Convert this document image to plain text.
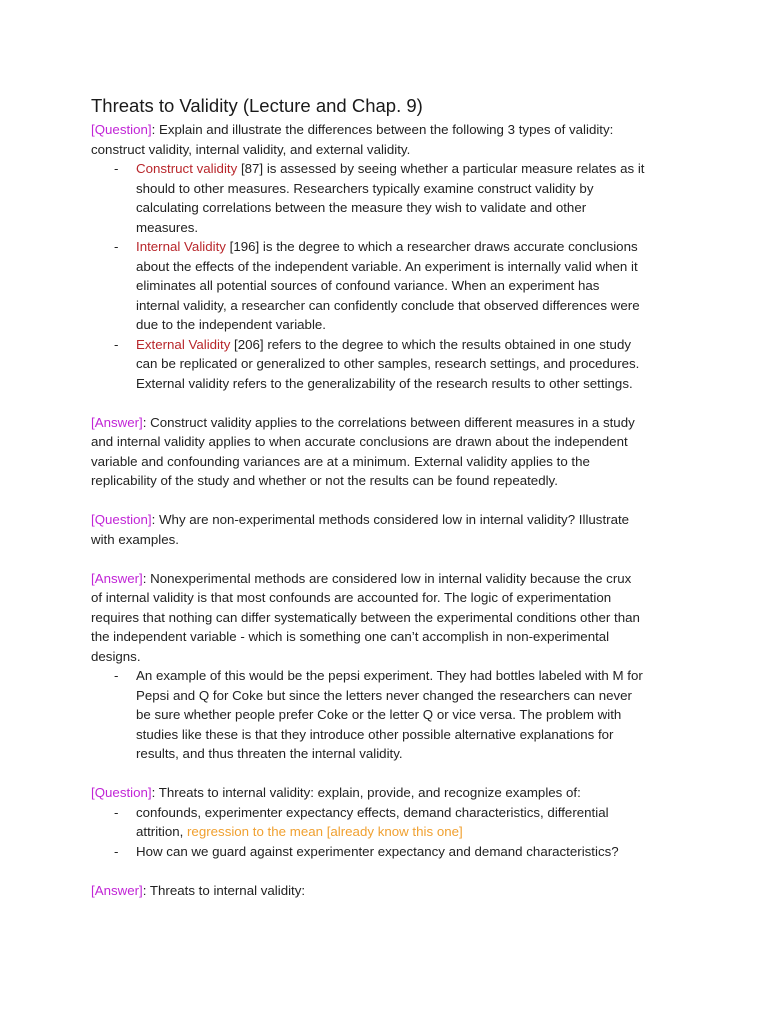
Threats to Validity (Lecture and Chap. 9)

[Question]: Explain and illustrate the differences between the following 3 types of validity:

construct validity, internal validity, and external validity.

- Construct validity [87] is assessed by seeing whether a particular measure relates as it
should to other measures. Researchers typically examine construct validity by
calculating correlations between the measure they wish to validate and other
measures.
- Internal Validity [196] is the degree to which a researcher draws accurate conclusions
about the effects of the independent variable. An experiment is internally valid when it
eliminates all potential sources of confound variance. When an experiment has
internal validity, a researcher can confidently conclude that observed differences were
due to the independent variable.
- External Validity [206] refers to the degree to which the results obtained in one study
can be replicated or generalized to other samples, research settings, and procedures.
External validity refers to the generalizability of the research results to other settings.

[Answer]: Construct validity applies to the correlations between different measures in a study

and internal validity applies to when accurate conclusions are drawn about the independent

variable and confounding variances are at a minimum. External validity applies to the

replicability of the study and whether or not the results can be found repeatedly.

[Question]: Why are non-experimental methods considered low in internal validity? Illustrate

with examples.

[Answer]: Nonexperimental methods are considered low in internal validity because the crux

of internal validity is that most confounds are accounted for. The logic of experimentation

requires that nothing can differ systematically between the experimental conditions other than

the independent variable - which is something one can’t accomplish in non-experimental

designs.

- An example of this would be the pepsi experiment. They had bottles labeled with M for
Pepsi and Q for Coke but since the letters never changed the researchers can never
be sure whether people prefer Coke or the letter Q or vice versa. The problem with
studies like these is that they introduce other possible alternative explanations for
results, and thus threaten the internal validity.

[Question]: Threats to internal validity: explain, provide, and recognize examples of:

- confounds, experimenter expectancy effects, demand characteristics, differential
attrition, regression to the mean [already know this one]
- How can we guard against experimenter expectancy and demand characteristics?

[Answer]: Threats to internal validity:
